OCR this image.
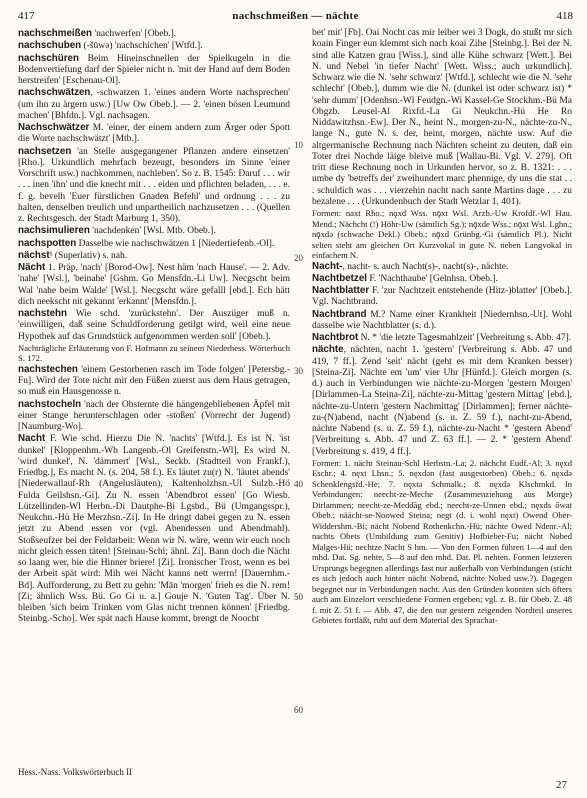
417	nachschmeißen — nächte	418

nachschmeißen 'nachwerfen' [Obeb.].

nachschuben (-šūwə) 'nachschichen' [Wtfd.].

nachschüren Beim Hineinschnellen der Spielkugeln in die Bodenvertiefung darf der Spieler nicht n. 'mit der Hand auf dem Boden herstreifen' [Eschenau-Ol].

nachschwätzen, -schwatzen 1. 'eines andern Worte nachsprechen' (um ihn zu ärgern usw.) [Uw Ow Obeb.]. — 2. 'einen bösen Leumund machen' [Bhfdn.]. Vgl. nachsagen.

Nachschwätzer M. 'einer, der einem andern zum Ärger oder Spott die Worte nachschwätzt' [Mtb.].

nachsetzen 'an Stelle ausgegangener Pflanzen andere einsetzen' [Rho.]. Urkundlich mehrfach bezeugt, besonders im Sinne 'einer Vorschrift usw.) nachkommen, nachleben'. So z. B. 1545: Daruf . . . wir . . . inen 'ihn' und die knecht mit . . . eiden und pflichten beladen, . . . e. f. g. bevelh 'Euer fürstlichen Gnaden Befehl' und ordnung . . . zu halten, denselben treulich und unpartheilich nachzusetzen . . . (Quellen z. Rechtsgesch. der Stadt Marburg 1, 350).

nachsimulieren 'nachdenken' [Wsl. Mtb. Obeb.].

nachspotten Dasselbe wie nachschwätzen 1 [Niedertiefenb.-Ol].

nächst¹ (Superlativ) s. nah.

Nächt 1. Präp. 'nach' [Borod-Ow]. Nest häm 'nach Hause'. — 2. Adv. 'nahe' [Wsl.], 'beinahe' [Gshm. Go Mensfdn.-Li Uw]. Necgscht beim Wal 'nahe beim Walde' [Wsl.]. Necgscht wäre gefalll [ebd.]. Ech hätt dich neekscht nit gekannt 'erkannt' [Mensfdn.].

nachstehn Wie schd. 'zurückstehn'. Der Auszüger muß n. 'einwilligen, daß seine Schuldforderung getilgt wird, weil eine neue Hypothek auf das Grundstück aufgenommen werden soll' [Obeb.].

Nachträgliche Erläuterung von F. Hofmann zu seinem Niederhess. Wörterbuch S. 172.

nachstechen 'einem Gestorbenen rasch im Tode folgen' [Petersbg.-Fu]. Wird der Tote nicht mit den Füßen zuerst aus dem Haus getragen, so muß ein Hausgenosse n.

nachstocheln 'nach der Obsternte die hängengebliebenen Äpfel mit einer Stange herunterschlagen oder -stoßen' (Vorrecht der Jugend) [Naumburg-Wo].

Nacht F. Wie schd. Hierzu Die N. 'nachts' [Wtfd.]. Es ist N. 'ist dunkel' [Kloppenhm.-Wb Langenb.-Ol Greifenstn.-Wl], Es wird N. 'wird dunkel', N. 'dämmert' [Wsl., Seckb. (Stadtteil von Frankf.), Friedbg.], Es macht N. (s. 204, 58 f.). Es läutet zu(r) N. 'läutet abends' [Niederwallauf-Rh (Angelusläuten), Kaltenholzhsn.-Ul Sulzb.-Hö Fulda Geilshsn.-Gi]. Zu N. essen 'Abendbrot essen' [Go Wiesb. Lützellinden-Wl Herbn.-Di Dautphe-Bi Lgsbd., Bü (Umgangsspr.), Neukchn.-Hü He Merzhsn.-Zi]. In He dringt dabei gegen zu N. essen jetzt zu Abend essen vor (vgl. Abendessen und Abendmahl). Stoßseufzer bei der Feldarbeit: Wenn wir N. wäre, wenn wir euch noch nicht gleich essen täten! [Steinau-Schl; ähnl. Zi]. Bann doch die Nächt so laang wer, bie die Hinner briere! [Zi]. Ironischer Trost, wenn es bei der Arbeit spät wird: Mih wei Nächt kanns nett werrn! [Dauernhm.-Bd]. Aufforderung, zu Bett zu gehn: 'Mān 'morgen' frieh es die N. rem! [Zi; ähnlich Wss. Bü. Go Gi u. a.] Gouje N. 'Guten Tag'. Über N. bleiben 'sich beim Trinken vom Glas nicht trennen können' [Friedbg. Steinbg.-Scho]. Wer spät nach Hause kommt, brengt de Noocht

10
20
30
40
50
60

bet' mit' [Fb]. Oai Nocht cas mir leiber wei 3 Dogk, do stußt mr sich koain Finger eun klemmt sich nach koai Zihe [Steinbg.]. Bei der N. sind alle Katzen grau [Wiss.], sind alle Kühe schwarz [Wett.]. Bei N. und Nebel 'in tiefer Nacht' [Wett. Wiss.; auch urkundlich]. Schwarz wie die N. 'sehr schwarz' [Wtfd.], schlecht wie die N. 'sehr schlecht' [Obeb.], dumm wie die N. (dunkel ist oder schwarz ist) * 'sehr dumm' [Odenhsn.-Wl Feudgn.-Wi Kassel-Ge Stockhm.-Bü Ma Obgzb. Leusel-Al Rixfd.-La Gi Neukchn.-Hü He Ro Niddawitzhsn.-Ew]. Der N., heint N., morgen-zu-N., nächte-zu-N., lange N., gute N. s. der, heint, morgen, nächte usw. Auf die altgermanische Rechnung nach Nächten scheint zu deuten, daß ein Toter drei Nochde läige bleive muß [Wallau-Bi. Vgl. V. 279]. Oft tritt diese Rechnung noch in Urkunden hervor, so z. B. 1321: . . . umbe dy 'betreffs der' zweihundert marc phennige, dy uns die stat . . . schuldich was . . . vierzehin nacht nach sante Martins dage . . . zu bezalene . . . (Urkundenbuch der Stadt Wetzlar 1, 401).

Formen: naxt Rho.; nǫxd Wss. nǭxt Wsl. Arzb.-Uw Krofdf.-Wl Hau. Mend.; Nächcht (!) Höhr-Uw (sämtlich Sg.); nǭxde Wss.; nǭxt Wsl. Lghn.; nǭxdə (schwache Dekl.) Obeb.; nǭxd Grünbg.-Gi (sämtlich Pl.). Nicht selten steht am gleichen Ort Kurzvokal in gute N. neben Langvokal in einfachem N.

Nacht-, nacht- s. auch Nacht(s)-, nacht(s)-, nächte.

Nachtbetzel F. 'Nachthaube' [Gelnhsn. Obeb.].

Nachtblatter F. 'zur Nachtzeit entstehende (Hitz-)blatter' [Obeb.]. Vgl. Nachtbrand.

Nachtbrand M.? Name einer Krankheit [Niedernhsn.-Ut]. Wohl dasselbe wie Nachtblatter (s. d.).

Nachtbrot N. * 'die letzte Tagesmahlzeit' [Verbreitung s. Abb. 47].

nächte, nächten, nacht 1. 'gestern' [Verbreitung s. Abb. 47 und 419, 7 ff.]. Zend 'seit' nächt (geht es mit dem Kranken besser) [Steina-Zi]. Nächte em 'um' vier Uhr [Hünfd.]. Gleich morgen (s. d.) auch in Verbindungen wie nächte-zu-Morgen 'gestern Morgen' [Dirlammen-La Steina-Zi], nächte-zu-Mittag 'gestern Mittag' [ebd.], nächte-zu-Untern 'gestern Nachmittag' [Dirlammen]; ferner nächte-zu-(N)abend, nacht (N)abend (s. u. Z. 59 f.), nacht-zu-Abend, nächte Nabend (s. u. Z. 59 f.), nächte-zu-Nacht * 'gestern Abend' [Verbreitung s. Abb. 47 und Z. 63 ff.]. — 2. * 'gestern Abend' [Verbreitung s. 419, 4 ff.].

Formen: 1. nächt Steinau-Schl Herbstn.-La; 2. nächcht Eudf.-Al; 3. nęxd Eschr.; 4. nęxt Lhsn.; 5. nęxdǝn (fast ausgestorben) Obeb.; 6. nęxdǝ Schenklengsfd.-He; 7. nęxtǝ Schmalk.; 8. nęxdǝ Klschmkd. In Verbindungen: neecht-ze-Meche (Zusammenziehung aus Morge) Dirlammen; neecht-ze-Meddāg ebd.; neecht-ze-Unnen ebd.; nęxds ōwat Obeb.; näächt-se-Noowed Steina; negt (d. i. wohl nęxt) Owend Ober-Widdershm.-Bi; nächt Nobend Rothenkchn.-Hü; nächte Owed Ndenr.-Al; nachts Obets (Umbildung zum Genitiv) Hofbieber-Fu; nächt Nobed Malges-Hü; nechtze Nacht S hm. — Von den Formen führen 1—4 auf den mhd. Dat. Sg. nehte, 5—8 auf den mhd. Dat. Pl. nehten. Formen letzteren Ursprungs begegnen allerdings fast nur außerhalb von Verbindungen (sticht es sich jedoch auch hinter nächt Nobend, nächte Nobed usw.?). Dagegen begegnet nur in Verbindungen nacht. Aus den Gründen konnten sich öfters auch am Einzelort verschiedene Formen ergeben; vgl. z. B. für Obeb. Z. 48 f. mit Z. 51 f. — Abb. 47, die den nur gestern zeigenden Nordteil unseres Gebietes fortläßt, ruht auf dem Material des Sprachat-

Hess.-Nass. Volkswörterbuch II
27
